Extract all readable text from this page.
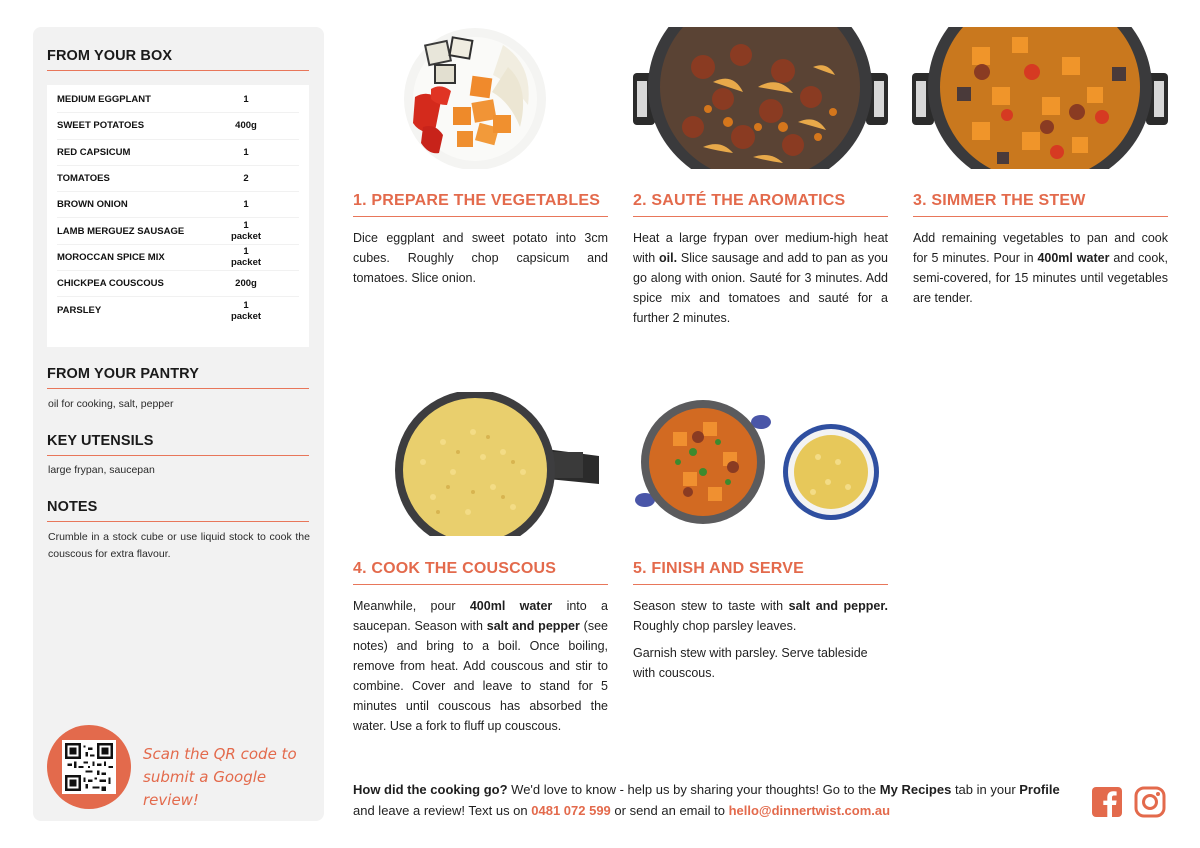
FROM YOUR BOX
MEDIUM EGGPLANT	1
SWEET POTATOES	400g
RED CAPSICUM	1
TOMATOES	2
BROWN ONION	1
LAMB MERGUEZ SAUSAGE	1 packet
MOROCCAN SPICE MIX	1 packet
CHICKPEA COUSCOUS	200g
PARSLEY	1 packet
FROM YOUR PANTRY
oil for cooking, salt, pepper
KEY UTENSILS
large frypan, saucepan
NOTES
Crumble in a stock cube or use liquid stock to cook the couscous for extra flavour.
Scan the QR code to
submit a Google review!
1. PREPARE THE VEGETABLES
Dice eggplant and sweet potato into 3cm cubes. Roughly chop capsicum and tomatoes. Slice onion.
2. SAUTÉ THE AROMATICS
Heat a large frypan over medium-high heat with oil. Slice sausage and add to pan as you go along with onion. Sauté for 3 minutes. Add spice mix and tomatoes and sauté for a further 2 minutes.
3. SIMMER THE STEW
Add remaining vegetables to pan and cook for 5 minutes. Pour in 400ml water and cook, semi-covered, for 15 minutes until vegetables are tender.
4. COOK THE COUSCOUS
Meanwhile, pour 400ml water into a saucepan. Season with salt and pepper (see notes) and bring to a boil. Once boiling, remove from heat. Add couscous and stir to combine. Cover and leave to stand for 5 minutes until couscous has absorbed the water. Use a fork to fluff up couscous.
5. FINISH AND SERVE
Season stew to taste with salt and pepper. Roughly chop parsley leaves.
Garnish stew with parsley. Serve tableside with couscous.
How did the cooking go? We'd love to know - help us by sharing your thoughts! Go to the My Recipes tab in your Profile and leave a review! Text us on 0481 072 599 or send an email to hello@dinnertwist.com.au
